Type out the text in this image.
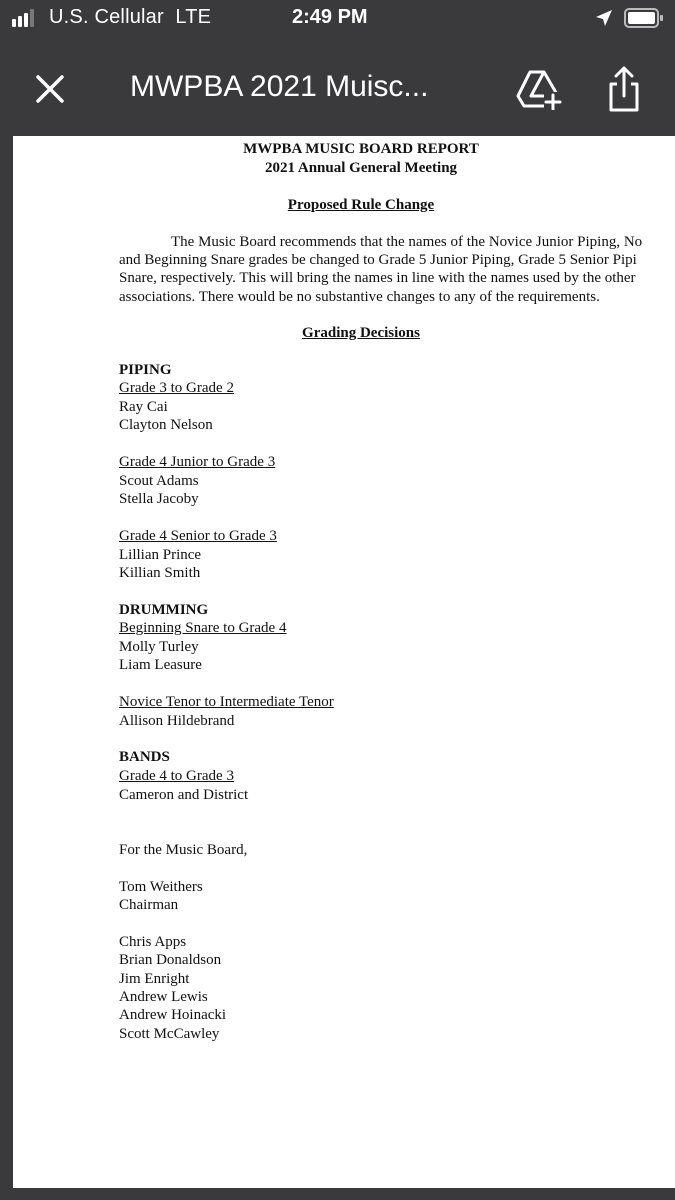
U.S. Cellular LTE	2:49 PM
MWPBA 2021 Muisc...
MWPBA MUSIC BOARD REPORT
2021 Annual General Meeting
Proposed Rule Change
The Music Board recommends that the names of the Novice Junior Piping, No
and Beginning Snare grades be changed to Grade 5 Junior Piping, Grade 5 Senior Pipi
Snare, respectively. This will bring the names in line with the names used by the other
associations. There would be no substantive changes to any of the requirements.
Grading Decisions
PIPING
Grade 3 to Grade 2
Ray Cai
Clayton Nelson
Grade 4 Junior to Grade 3
Scout Adams
Stella Jacoby
Grade 4 Senior to Grade 3
Lillian Prince
Killian Smith
DRUMMING
Beginning Snare to Grade 4
Molly Turley
Liam Leasure
Novice Tenor to Intermediate Tenor
Allison Hildebrand
BANDS
Grade 4 to Grade 3
Cameron and District
For the Music Board,
Tom Weithers
Chairman
Chris Apps
Brian Donaldson
Jim Enright
Andrew Lewis
Andrew Hoinacki
Scott McCawley
